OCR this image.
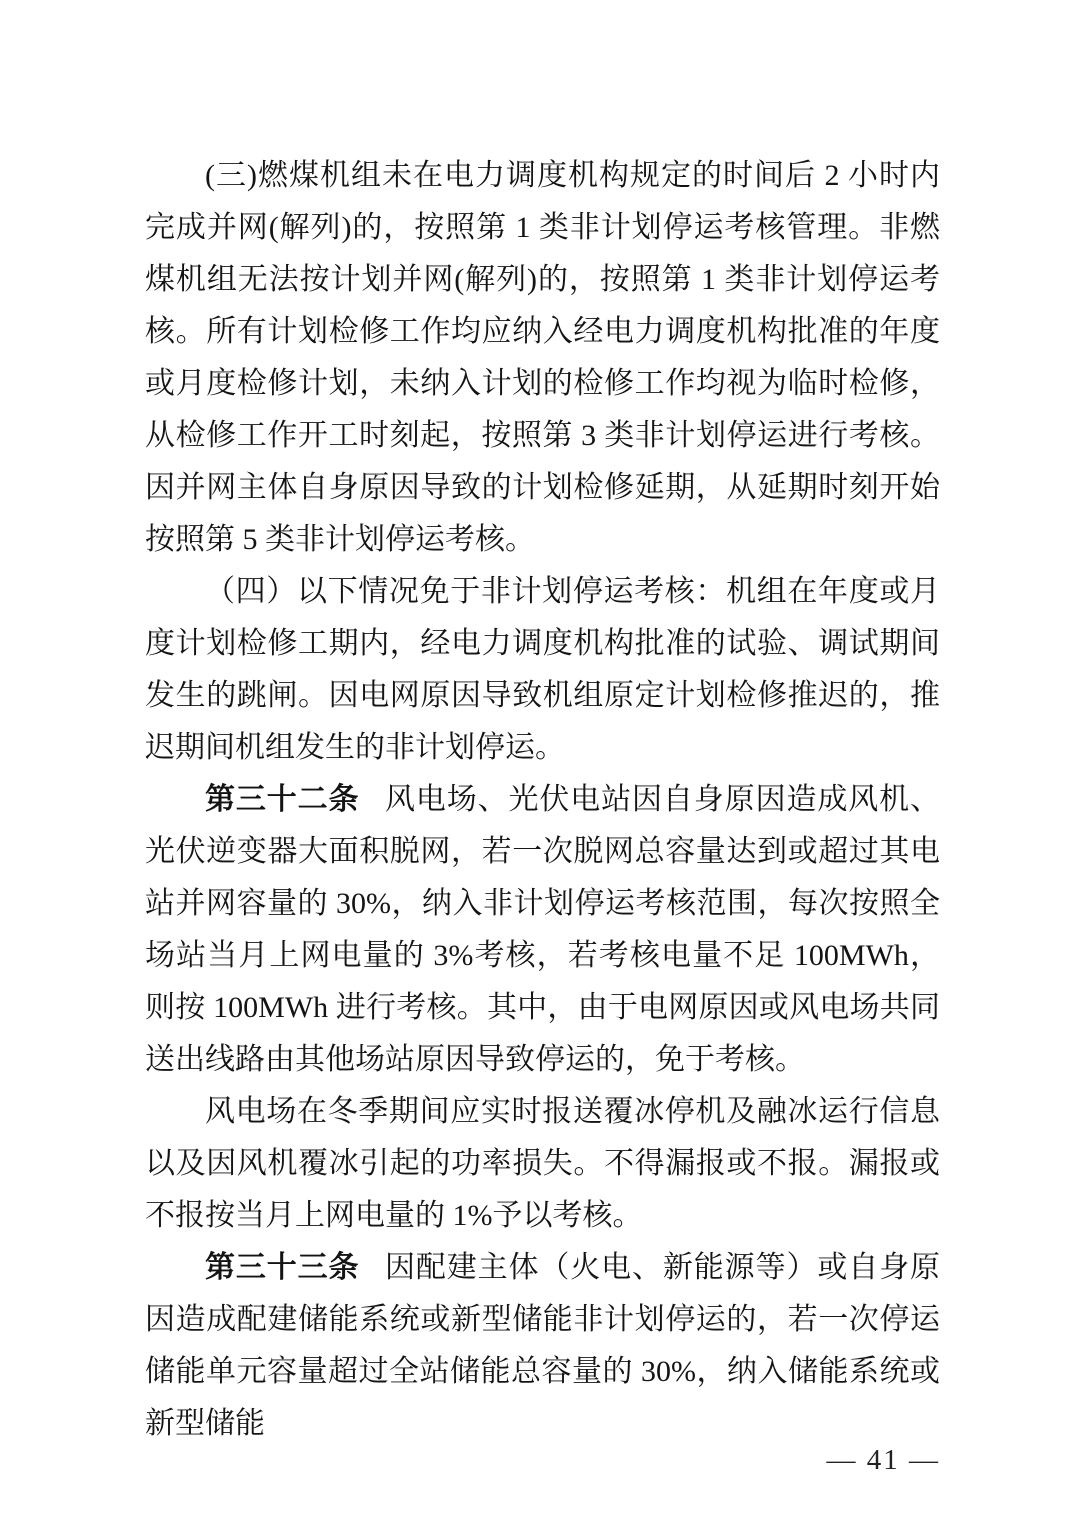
(三)燃煤机组未在电力调度机构规定的时间后 2 小时内完成并网(解列)的，按照第 1 类非计划停运考核管理。非燃煤机组无法按计划并网(解列)的，按照第 1 类非计划停运考核。所有计划检修工作均应纳入经电力调度机构批准的年度或月度检修计划，未纳入计划的检修工作均视为临时检修，从检修工作开工时刻起，按照第 3 类非计划停运进行考核。因并网主体自身原因导致的计划检修延期，从延期时刻开始按照第 5 类非计划停运考核。

（四）以下情况免于非计划停运考核：机组在年度或月度计划检修工期内，经电力调度机构批准的试验、调试期间发生的跳闸。因电网原因导致机组原定计划检修推迟的，推迟期间机组发生的非计划停运。

第三十二条 风电场、光伏电站因自身原因造成风机、光伏逆变器大面积脱网，若一次脱网总容量达到或超过其电站并网容量的 30%，纳入非计划停运考核范围，每次按照全场站当月上网电量的 3%考核，若考核电量不足 100MWh，则按 100MWh 进行考核。其中，由于电网原因或风电场共同送出线路由其他场站原因导致停运的，免于考核。

风电场在冬季期间应实时报送覆冰停机及融冰运行信息以及因风机覆冰引起的功率损失。不得漏报或不报。漏报或不报按当月上网电量的 1%予以考核。

第三十三条 因配建主体（火电、新能源等）或自身原因造成配建储能系统或新型储能非计划停运的，若一次停运储能单元容量超过全站储能总容量的 30%，纳入储能系统或新型储能

— 41 —
